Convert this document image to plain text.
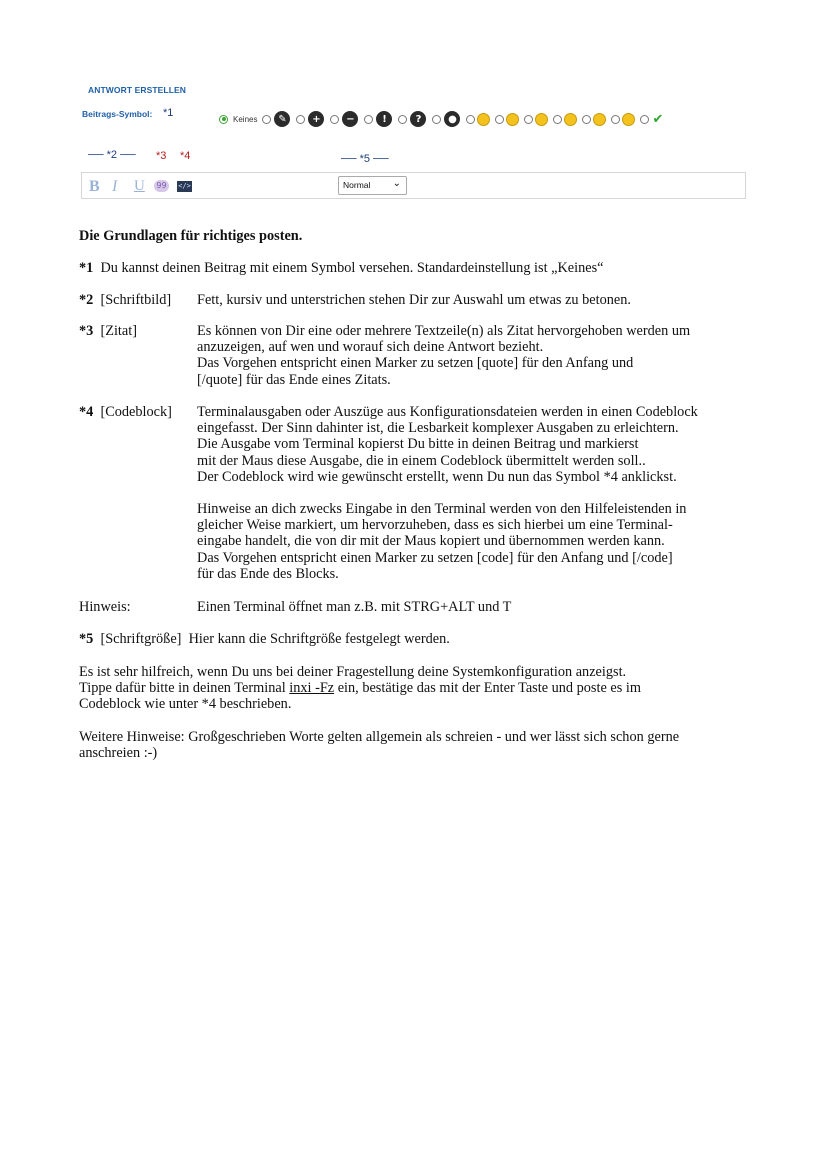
ANTWORT ERSTELLEN
Beitrags-Symbol: *1	Keines	✎	+	−	!	?	●	✔
── *2 ── *3 *4	── *5 ──
B I U	99	</>	Normal ⌄
Die Grundlagen für richtiges posten.
*1 Du kannst deinen Beitrag mit einem Symbol versehen. Standardeinstellung ist „Keines“
*2 [Schriftbild] Fett, kursiv und unterstrichen stehen Dir zur Auswahl um etwas zu betonen.
*3 [Zitat]	Es können von Dir eine oder mehrere Textzeile(n) als Zitat hervorgehoben werden um
anzuzeigen, auf wen und worauf sich deine Antwort bezieht.
Das Vorgehen entspricht einen Marker zu setzen [quote] für den Anfang und
[/quote] für das Ende eines Zitats.
*4 [Codeblock] Terminalausgaben oder Auszüge aus Konfigurationsdateien werden in einen Codeblock
eingefasst. Der Sinn dahinter ist, die Lesbarkeit komplexer Ausgaben zu erleichtern.
Die Ausgabe vom Terminal kopierst Du bitte in deinen Beitrag und markierst
mit der Maus diese Ausgabe, die in einem Codeblock übermittelt werden soll..
Der Codeblock wird wie gewünscht erstellt, wenn Du nun das Symbol *4 anklickst.
Hinweise an dich zwecks Eingabe in den Terminal werden von den Hilfeleistenden in
gleicher Weise markiert, um hervorzuheben, dass es sich hierbei um eine Terminal-
eingabe handelt, die von dir mit der Maus kopiert und übernommen werden kann.
Das Vorgehen entspricht einen Marker zu setzen [code] für den Anfang und [/code]
für das Ende des Blocks.
Hinweis:	Einen Terminal öffnet man z.B. mit STRG+ALT und T
*5 [Schriftgröße] Hier kann die Schriftgröße festgelegt werden.
Es ist sehr hilfreich, wenn Du uns bei deiner Fragestellung deine Systemkonfiguration anzeigst.
Tippe dafür bitte in deinen Terminal inxi -Fz ein, bestätige das mit der Enter Taste und poste es im
Codeblock wie unter *4 beschrieben.
Weitere Hinweise: Großgeschrieben Worte gelten allgemein als schreien - und wer lässt sich schon gerne
anschreien :-)
